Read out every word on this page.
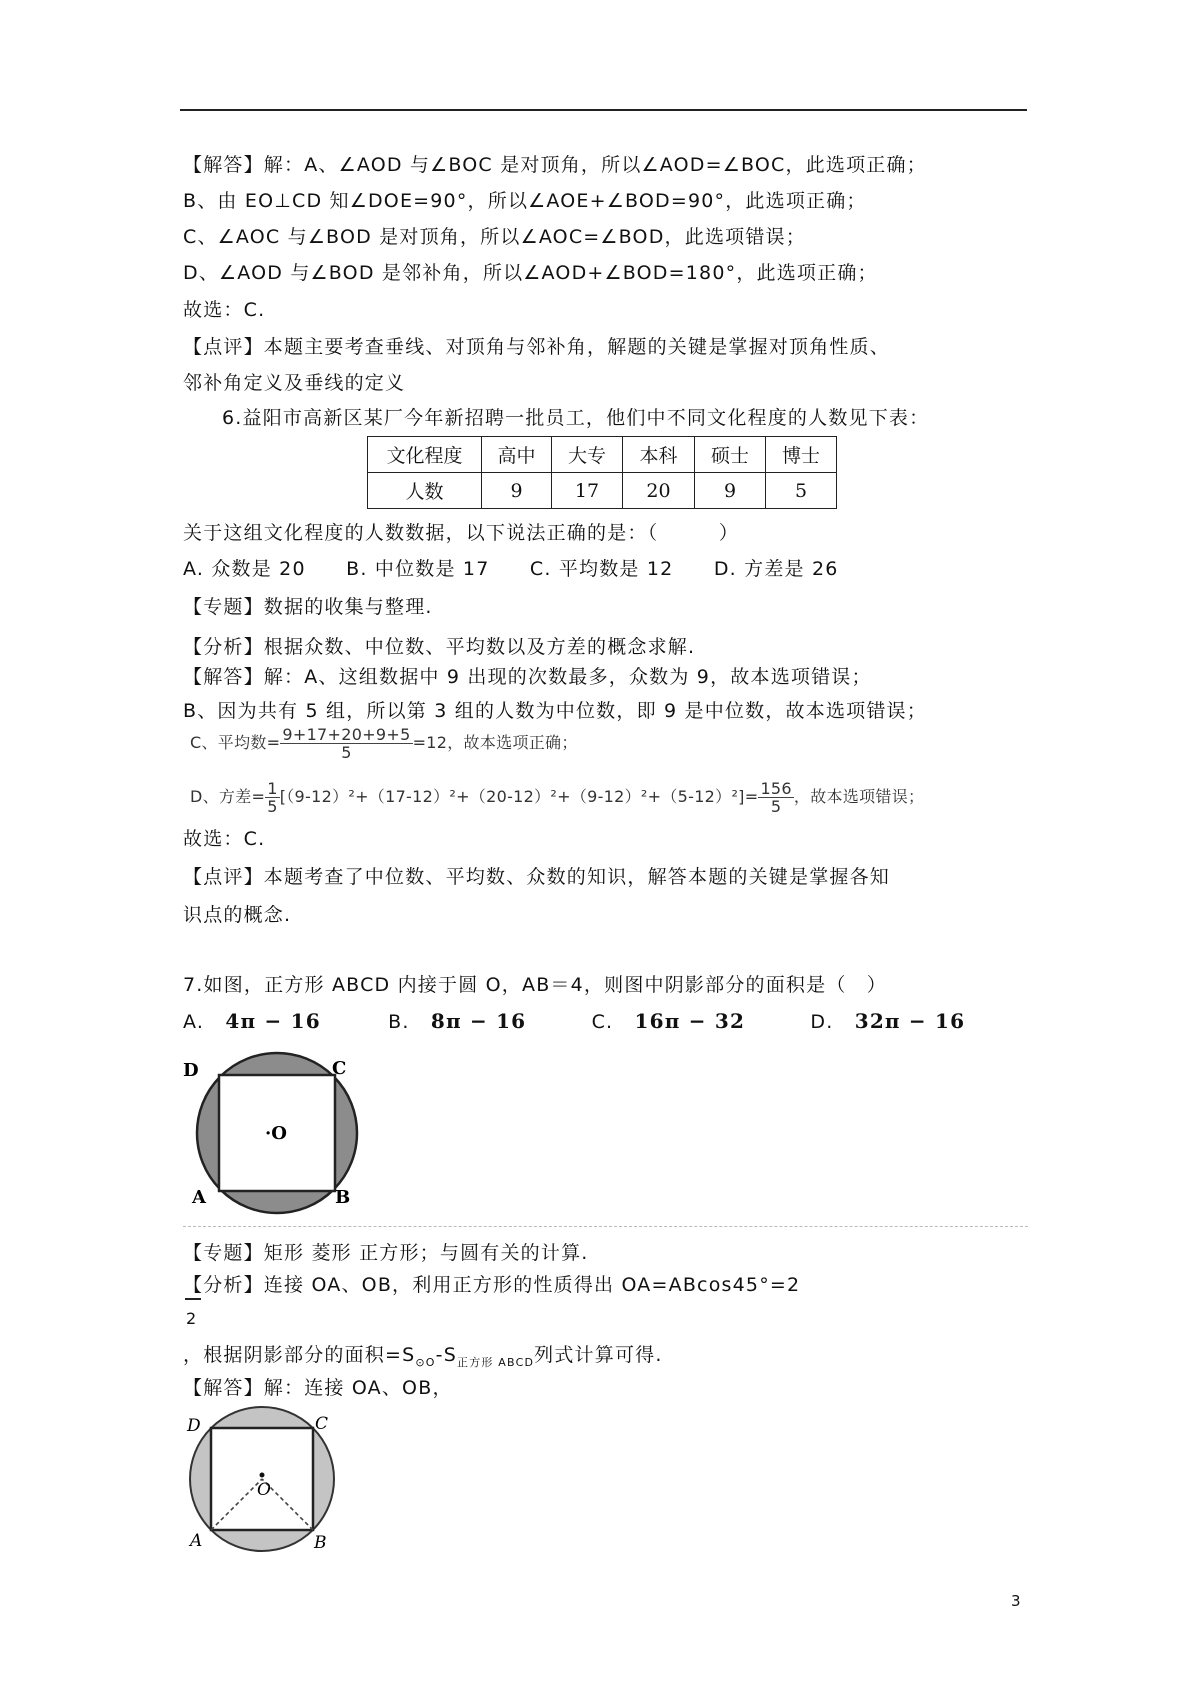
【解答】解：A、∠AOD 与∠BOC 是对顶角，所以∠AOD=∠BOC，此选项正确；
B、由 EO⊥CD 知∠DOE=90°，所以∠AOE+∠BOD=90°，此选项正确；
C、∠AOC 与∠BOD 是对顶角，所以∠AOC=∠BOD，此选项错误；
D、∠AOD 与∠BOD 是邻补角，所以∠AOD+∠BOD=180°，此选项正确；
故选：C.
【点评】本题主要考查垂线、对顶角与邻补角，解题的关键是掌握对顶角性质、
邻补角定义及垂线的定义
6.益阳市高新区某厂今年新招聘一批员工，他们中不同文化程度的人数见下表：
文化程度	高中	大专	本科	硕士	博士
人数	9	17	20	9	5
关于这组文化程度的人数数据，以下说法正确的是：（　　　）
A. 众数是 20　　B. 中位数是 17　　C. 平均数是 12　　D. 方差是 26
【专题】数据的收集与整理.
【分析】根据众数、中位数、平均数以及方差的概念求解.
【解答】解：A、这组数据中 9 出现的次数最多，众数为 9，故本选项错误；
B、因为共有 5 组，所以第 3 组的人数为中位数，即 9 是中位数，故本选项错误；
C、平均数= $\frac{9+17+20+9+5}{5} =12$，故本选项正确；
D、方差= $\frac{1}{5} [(9-12)^2+(17-12)^2+(20-12)^2+(9-12)^2+(5-12)^2]= \frac{156}{5}$ ，故本选项错误；
故选：C.
【点评】本题考查了中位数、平均数、众数的知识，解答本题的关键是掌握各知
识点的概念.
7.如图，正方形 ABCD 内接于圆 O，AB＝4，则图中阴影部分的面积是（　）
A. 4π − 16	B. 8π − 16	C. 16π − 32	D. 32π − 16
D	C
·O
A	B
【专题】矩形 菱形 正方形；与圆有关的计算.
【分析】连接 OA、OB，利用正方形的性质得出 OA=ABcos45°=2
2
，根据阴影部分的面积$=S_{⊙O}-S_{正方形 ABCD}$列式计算可得.
【解答】解：连接 OA、OB，
D	C
O
A	B
3
